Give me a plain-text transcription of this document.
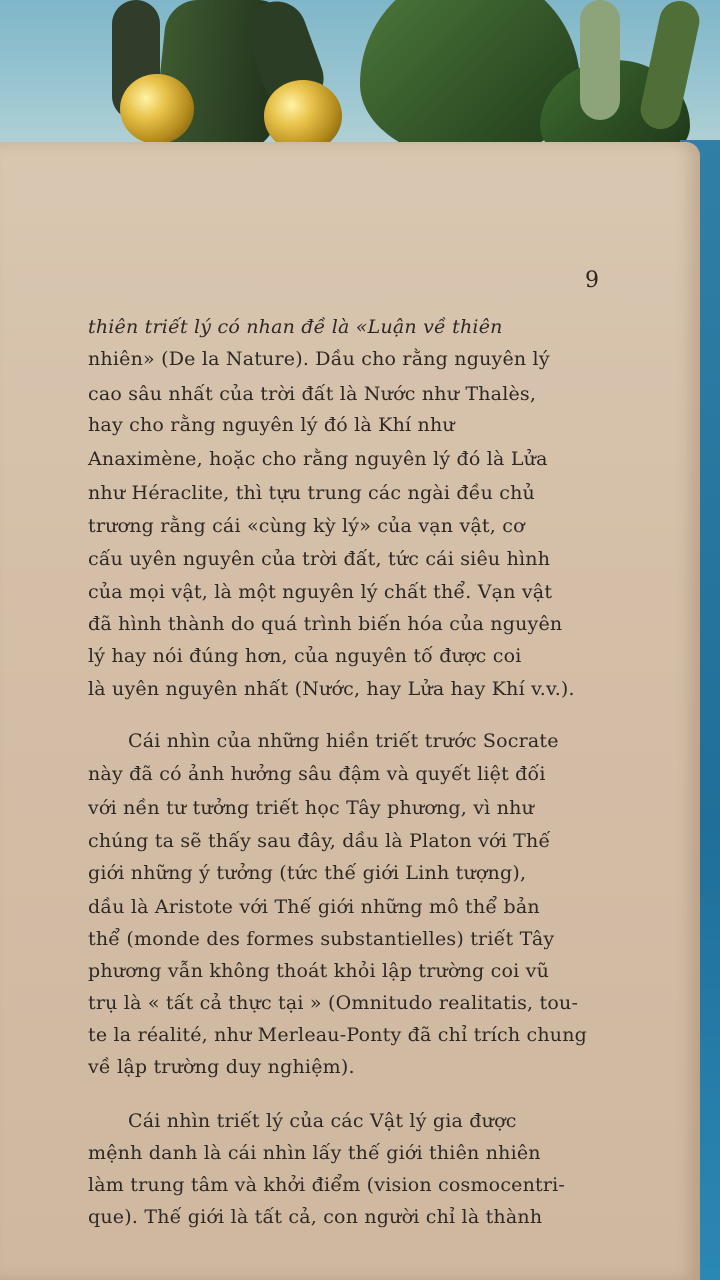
9
thiên triết lý có nhan đề là «Luận về thiên
nhiên» (De la Nature). Dầu cho rằng nguyên lý
cao sâu nhất của trời đất là Nước như Thalès,
hay cho rằng nguyên lý đó là Khí như
Anaximène, hoặc cho rằng nguyên lý đó là Lửa
như Héraclite, thì tựu trung các ngài đều chủ
trương rằng cái «cùng kỳ lý» của vạn vật, cơ
cấu uyên nguyên của trời đất, tức cái siêu hình
của mọi vật, là một nguyên lý chất thể. Vạn vật
đã hình thành do quá trình biến hóa của nguyên
lý hay nói đúng hơn, của nguyên tố được coi
là uyên nguyên nhất (Nước, hay Lửa hay Khí v.v.).
Cái nhìn của những hiền triết trước Socrate
này đã có ảnh hưởng sâu đậm và quyết liệt đối
với nền tư tưởng triết học Tây phương, vì như
chúng ta sẽ thấy sau đây, dầu là Platon với Thế
giới những ý tưởng (tức thế giới Linh tượng),
dầu là Aristote với Thế giới những mô thể bản
thể (monde des formes substantielles) triết Tây
phương vẫn không thoát khỏi lập trường coi vũ
trụ là « tất cả thực tại » (Omnitudo realitatis, tou-
te la réalité, như Merleau-Ponty đã chỉ trích chung
về lập trường duy nghiệm).
Cái nhìn triết lý của các Vật lý gia được
mệnh danh là cái nhìn lấy thế giới thiên nhiên
làm trung tâm và khởi điểm (vision cosmocentri-
que). Thế giới là tất cả, con người chỉ là thành
